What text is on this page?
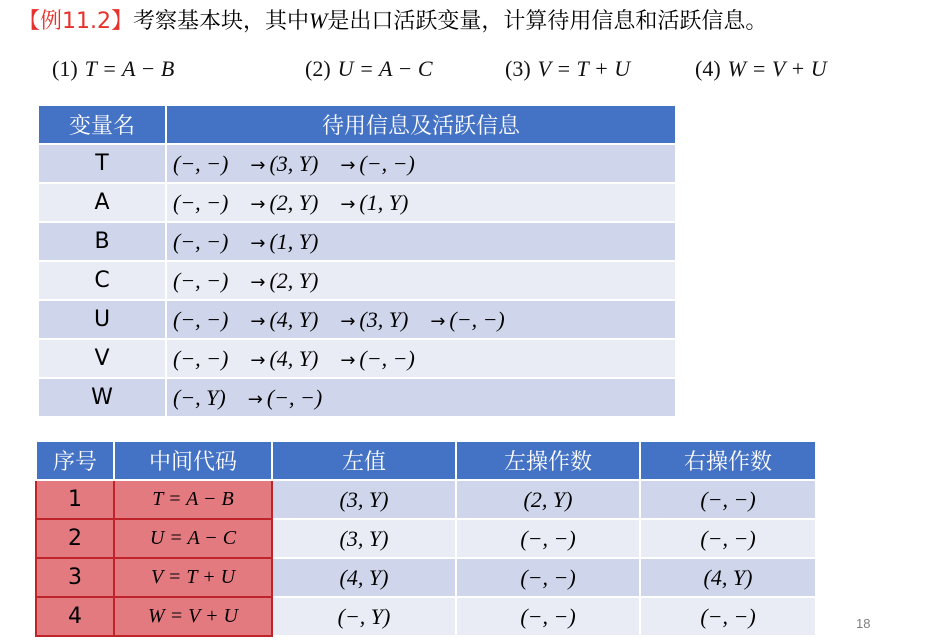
【例11.2】考察基本块，其中W是出口活跃变量，计算待用信息和活跃信息。
(1) T = A − B	(2) U = A − C	(3) V = T + U	(4) W = V + U
变量名	待用信息及活跃信息
T	(−, −) → (3, Y) → (−, −)
A	(−, −) → (2, Y) → (1, Y)
B	(−, −) → (1, Y)
C	(−, −) → (2, Y)
U	(−, −) → (4, Y) → (3, Y) → (−, −)
V	(−, −) → (4, Y) → (−, −)
W	(−, Y) → (−, −)
序号	中间代码	左值	左操作数	右操作数
1	T = A − B	(3, Y)	(2, Y)	(−, −)
2	U = A − C	(3, Y)	(−, −)	(−, −)
3	V = T + U	(4, Y)	(−, −)	(4, Y)
4	W = V + U	(−, Y)	(−, −)	(−, −)	18
